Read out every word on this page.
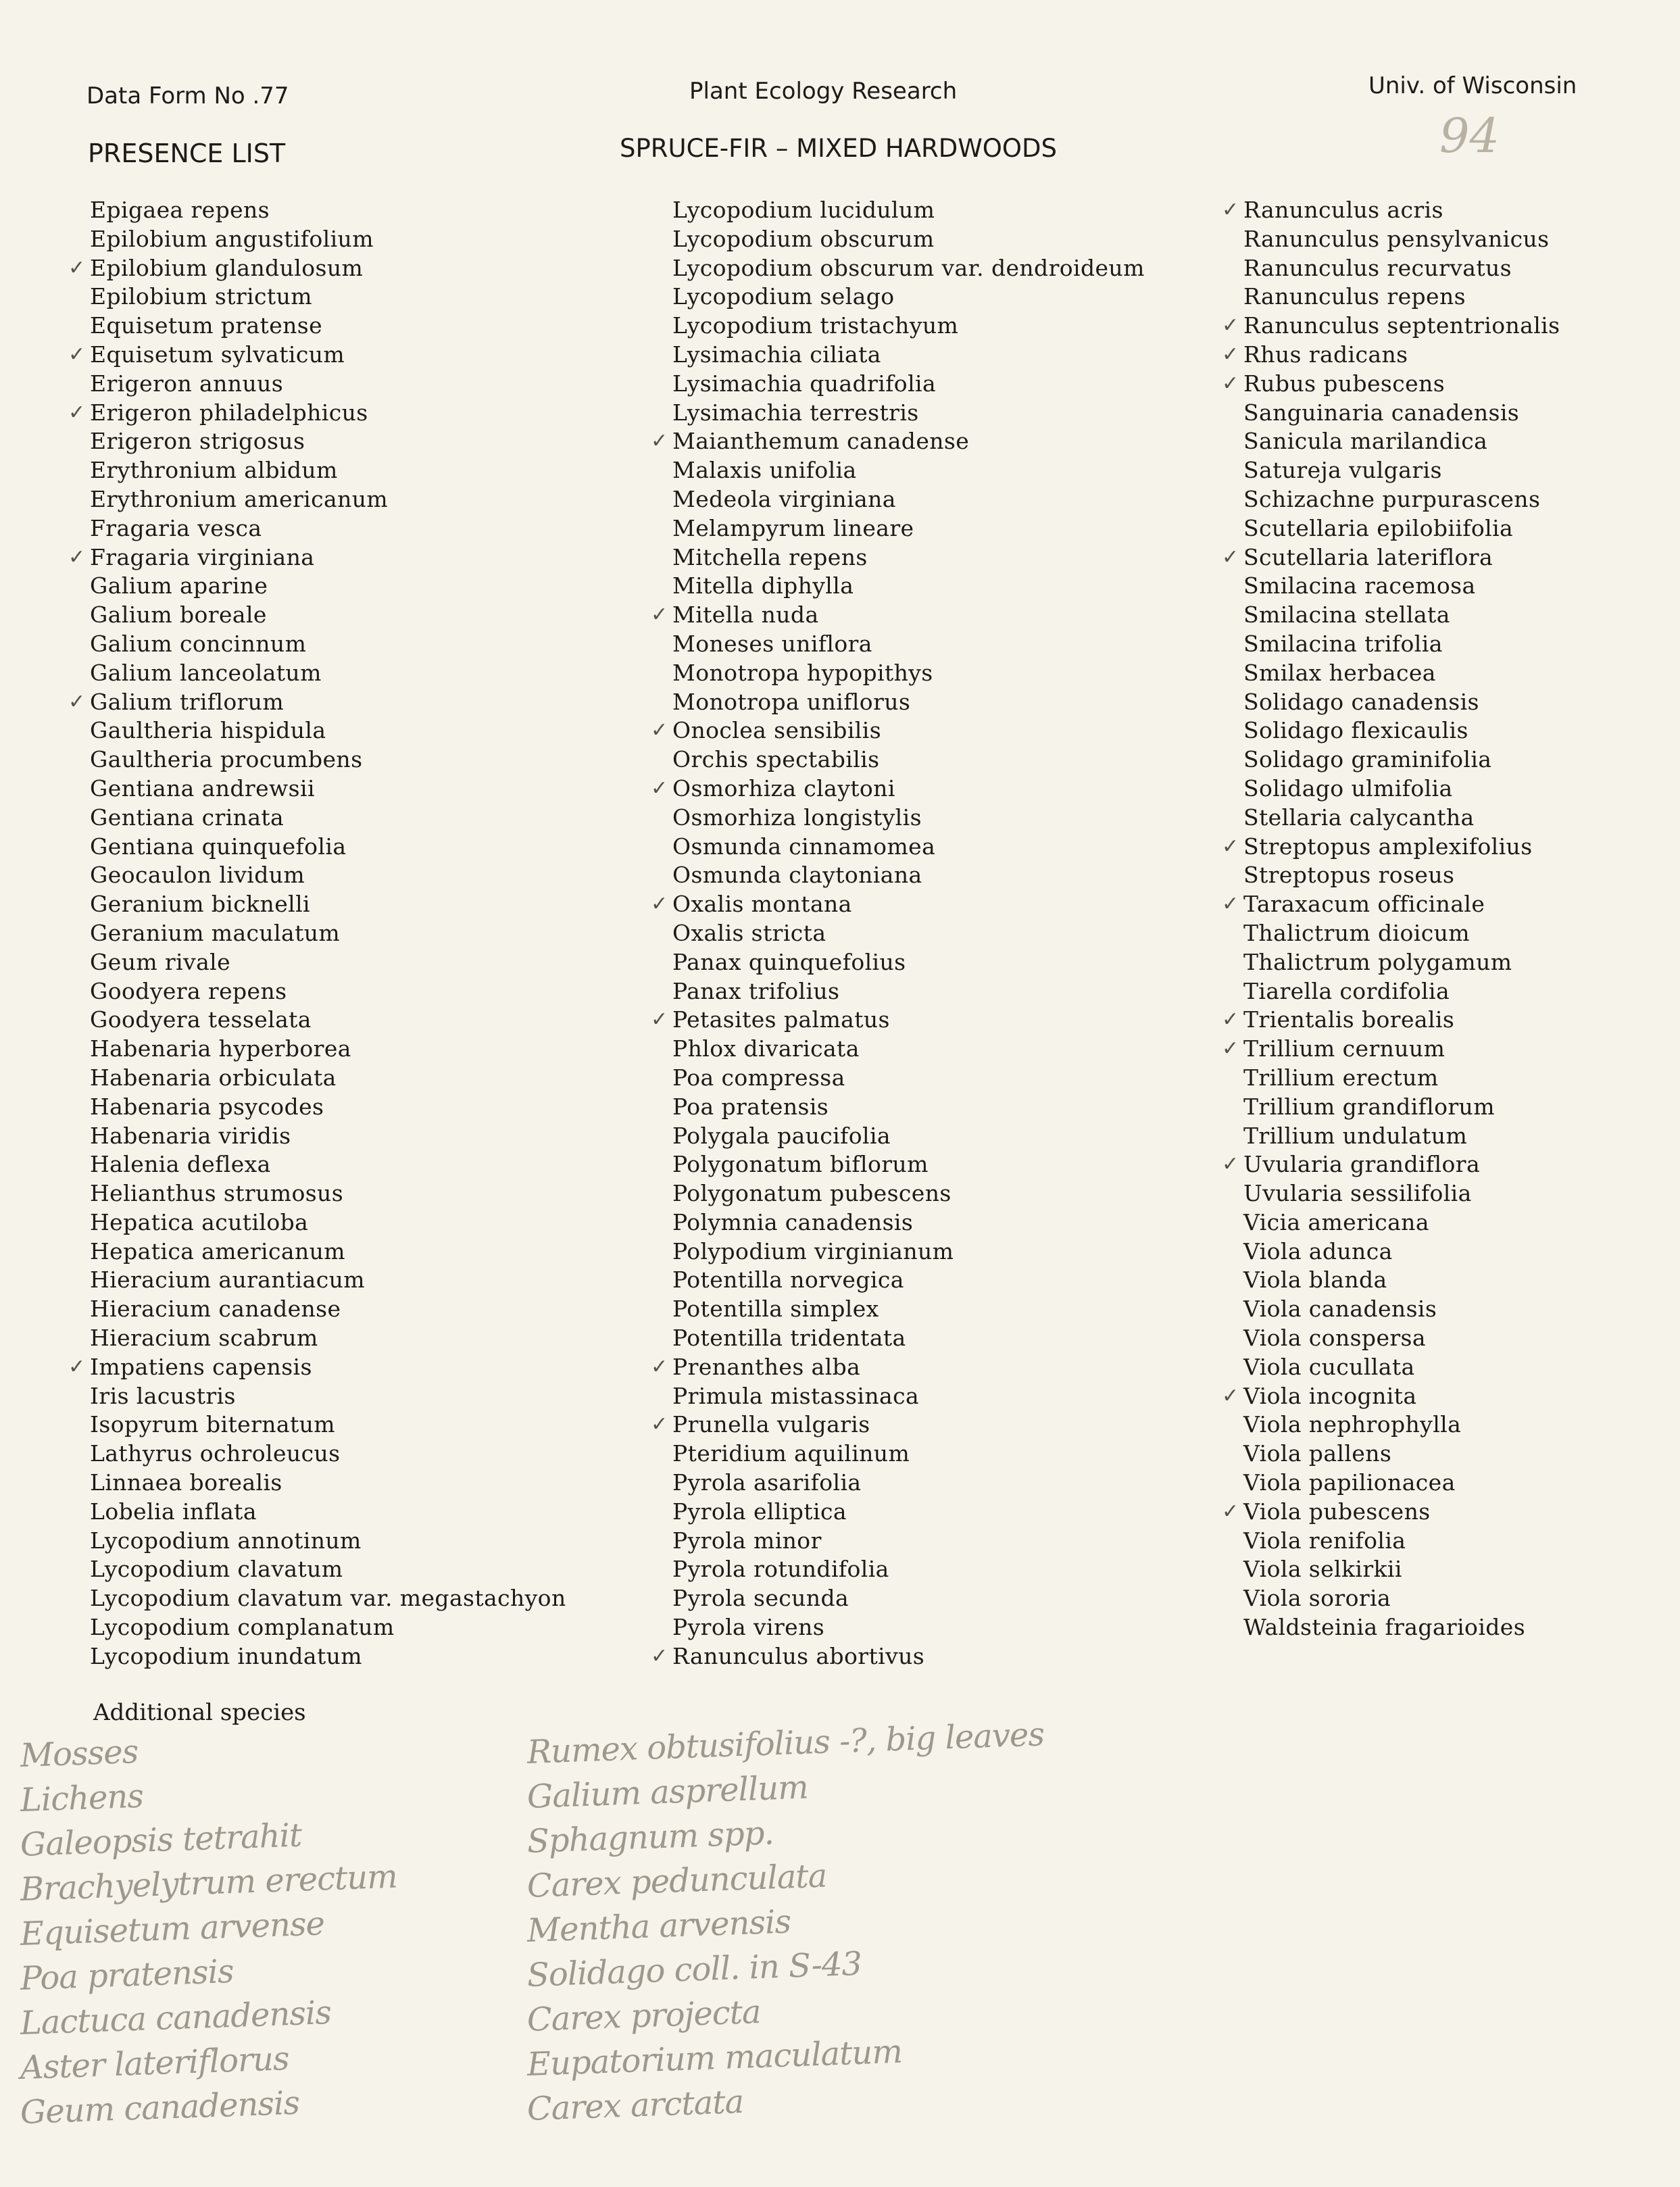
Data Form No .77	Plant Ecology Research	Univ. of Wisconsin
PRESENCE LIST	SPRUCE-FIR – MIXED HARDWOODS	94
Epigaea repens
Epilobium angustifolium
✓ Epilobium glandulosum
Epilobium strictum
Equisetum pratense
✓ Equisetum sylvaticum
Erigeron annuus
✓ Erigeron philadelphicus
Erigeron strigosus
Erythronium albidum
Erythronium americanum
Fragaria vesca
✓ Fragaria virginiana
Galium aparine
Galium boreale
Galium concinnum
Galium lanceolatum
✓ Galium triflorum
Gaultheria hispidula
Gaultheria procumbens
Gentiana andrewsii
Gentiana crinata
Gentiana quinquefolia
Geocaulon lividum
Geranium bicknelli
Geranium maculatum
Geum rivale
Goodyera repens
Goodyera tesselata
Habenaria hyperborea
Habenaria orbiculata
Habenaria psycodes
Habenaria viridis
Halenia deflexa
Helianthus strumosus
Hepatica acutiloba
Hepatica americanum
Hieracium aurantiacum
Hieracium canadense
Hieracium scabrum
✓ Impatiens capensis
Iris lacustris
Isopyrum biternatum
Lathyrus ochroleucus
Linnaea borealis
Lobelia inflata
Lycopodium annotinum
Lycopodium clavatum
Lycopodium clavatum var. megastachyon
Lycopodium complanatum
Lycopodium inundatum
Lycopodium lucidulum
Lycopodium obscurum
Lycopodium obscurum var. dendroideum
Lycopodium selago
Lycopodium tristachyum
Lysimachia ciliata
Lysimachia quadrifolia
Lysimachia terrestris
✓ Maianthemum canadense
Malaxis unifolia
Medeola virginiana
Melampyrum lineare
Mitchella repens
Mitella diphylla
✓ Mitella nuda
Moneses uniflora
Monotropa hypopithys
Monotropa uniflorus
✓ Onoclea sensibilis
Orchis spectabilis
✓ Osmorhiza claytoni
Osmorhiza longistylis
Osmunda cinnamomea
Osmunda claytoniana
✓ Oxalis montana
Oxalis stricta
Panax quinquefolius
Panax trifolius
✓ Petasites palmatus
Phlox divaricata
Poa compressa
Poa pratensis
Polygala paucifolia
Polygonatum biflorum
Polygonatum pubescens
Polymnia canadensis
Polypodium virginianum
Potentilla norvegica
Potentilla simplex
Potentilla tridentata
✓ Prenanthes alba
Primula mistassinaca
✓ Prunella vulgaris
Pteridium aquilinum
Pyrola asarifolia
Pyrola elliptica
Pyrola minor
Pyrola rotundifolia
Pyrola secunda
Pyrola virens
✓ Ranunculus abortivus
✓ Ranunculus acris
Ranunculus pensylvanicus
Ranunculus recurvatus
Ranunculus repens
✓ Ranunculus septentrionalis
✓ Rhus radicans
✓ Rubus pubescens
Sanguinaria canadensis
Sanicula marilandica
Satureja vulgaris
Schizachne purpurascens
Scutellaria epilobiifolia
✓ Scutellaria lateriflora
Smilacina racemosa
Smilacina stellata
Smilacina trifolia
Smilax herbacea
Solidago canadensis
Solidago flexicaulis
Solidago graminifolia
Solidago ulmifolia
Stellaria calycantha
✓ Streptopus amplexifolius
Streptopus roseus
✓ Taraxacum officinale
Thalictrum dioicum
Thalictrum polygamum
Tiarella cordifolia
✓ Trientalis borealis
✓ Trillium cernuum
Trillium erectum
Trillium grandiflorum
Trillium undulatum
✓ Uvularia grandiflora
Uvularia sessilifolia
Vicia americana
Viola adunca
Viola blanda
Viola canadensis
Viola conspersa
Viola cucullata
✓ Viola incognita
Viola nephrophylla
Viola pallens
Viola papilionacea
✓ Viola pubescens
Viola renifolia
Viola selkirkii
Viola sororia
Waldsteinia fragarioides
Additional species
Mosses
Lichens
Galeopsis tetrahit
Brachyelytrum erectum
Equisetum arvense
Poa pratensis
Lactuca canadensis
Aster lateriflorus
Geum canadensis
Rumex obtusifolius -?, big leaves
Galium asprellum
Sphagnum spp.
Carex pedunculata
Mentha arvensis
Solidago coll. in S-43
Carex projecta
Eupatorium maculatum
Carex arctata
